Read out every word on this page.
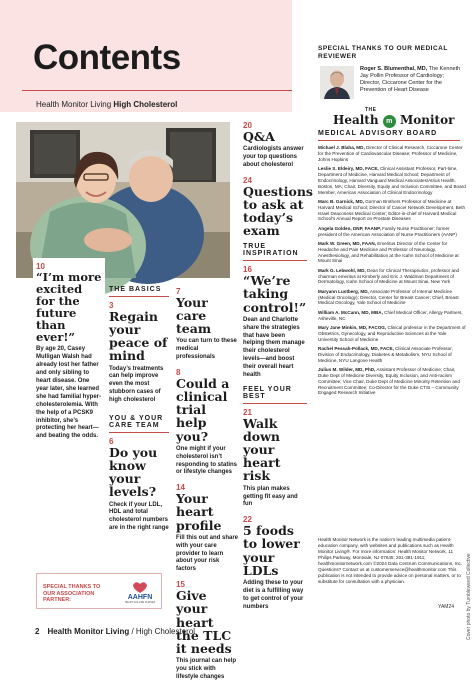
Contents
Health Monitor Living High Cholesterol
10
“I’m more excited for the future than ever!”
By age 20, Casey Mulligan Walsh had already lost her father and only sibling to heart disease. One year later, she learned she had familial hyper-cholesterolemia. With the help of a PCSK9 inhibitor, she’s protecting her heart—and beating the odds.
THE BASICS
3
Regain your peace of mind
Today’s treatments can help improve even the most stubborn cases of high cholesterol
YOU & YOUR CARE TEAM
6
Do you know your levels?
Check if your LDL, HDL and total cholesterol numbers are in the right range
7
Your care team
You can turn to these medical professionals
8
Could a clinical trial help you?
One might if your cholesterol isn’t responding to statins or lifestyle changes
14
Your heart profile
Fill this out and share with your care provider to learn about your risk factors
15
Give your heart the TLC it needs
This journal can help you stick with lifestyle changes
20
Q&A
Cardiologists answer your top questions about cholesterol
24
Questions to ask at today’s exam
TRUE INSPIRATION
16
“We’re taking control!”
Dean and Charlotte share the strategies that have been helping them manage their cholesterol levels—and boost their overall heart health
FEEL YOUR BEST
21
Walk down your heart risk
This plan makes getting fit easy and fun
22
5 foods to lower your LDLs
Adding these to your diet is a fulfilling way to get control of your numbers
SPECIAL THANKS TO OUR ASSOCIATION PARTNER:	AAHFN
HEART FAILURE NURSES
2 Health Monitor Living / High Cholesterol	Cover photo by Tumbleweed Collective
SPECIAL THANKS TO OUR MEDICAL REVIEWER
Roger S. Blumenthal, MD, The Kenneth Jay Pollin Professor of Cardiology; Director, Ciccarone Center for the Prevention of Heart Disease
THE
Health m Monitor
MEDICAL ADVISORY BOARD
Michael J. Blaha, MD, Director of Clinical Research, Ciccarone Center for the Prevention of Cardiovascular Disease; Professor of Medicine, Johns Hopkins
Leslie S. Eldeiry, MD, FACE, Clinical Assistant Professor, Part-time, Department of Medicine, Harvard Medical School; Department of Endocrinology, Harvard Vanguard Medical Associates/Atrius Health, Boston, MA; Chair, Diversity, Equity and Inclusion Committee, and Board Member, American Association of Clinical Endocrinology
Marc B. Garnick, MD, Gorman Brothers Professor of Medicine at Harvard Medical School; Director of Cancer Network Development, Beth Israel Deaconess Medical Center; Editor-in-chief of Harvard Medical School’s Annual Report on Prostate Diseases
Angela Golden, DNP, FAANP, Family Nurse Practitioner; former president of the American Association of Nurse Practitioners (AANP)
Mark W. Green, MD, FAAN, Emeritus Director of the Center for Headache and Pain Medicine and Professor of Neurology, Anesthesiology, and Rehabilitation at the Icahn School of Medicine at Mount Sinai
Mark G. Lebwohl, MD, Dean for Clinical Therapeutics, professor and chairman emeritus at Kimberly and Eric J. Waldman Department of Dermatology, Icahn School of Medicine at Mount Sinai, New York
Maryann Lustberg, MD, Associate Professor of Internal Medicine (Medical Oncology); Director, Center for Breast Cancer; Chief, Breast Medical Oncology, Yale School of Medicine
William A. McCann, MD, MBA, Chief Medical Officer, Allergy Partners, Asheville, NC
Mary Jane Minkin, MD, FACOG, Clinical professor in the Department of Obstetrics, Gynecology, and Reproductive Sciences at the Yale University School of Medicine
Rachel Pessah-Pollack, MD, FACE, Clinical Associate Professor, Division of Endocrinology, Diabetes & Metabolism, NYU School of Medicine, NYU Langone Health
Julius M. Wilder, MD, PhD, Assistant Professor of Medicine; Chair, Duke Dept of Medicine Diversity, Equity Inclusion, and Anti-racism Committee; Vice Chair, Duke Dept of Medicine Minority Retention and Recruitment Committee; Co-Director for the Duke CTSI – Community Engaged Research Initiative
Health Monitor Network is the nation’s leading multimedia patient-education company, with websites and publications such as Health Monitor Living®. For more information: Health Monitor Network, 11 Philips Parkway, Montvale, NJ 07645; 201-391-1911; healthmonitornetwork.com ©2024 Data Centrum Communications, Inc. Questions? Contact us at customerservice@healthmonitor.com This publication is not intended to provide advice on personal matters, or to substitute for consultation with a physician.
YAM24
